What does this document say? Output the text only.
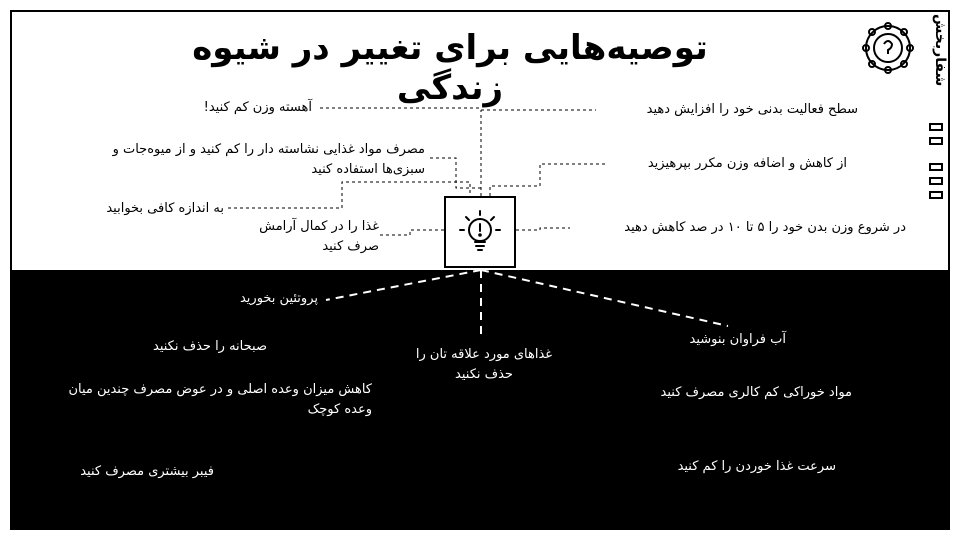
توصیه‌هایی برای تغییر در شیوه زندگی
شفاربخش
آهسته وزن کم کنید!
مصرف مواد غذایی نشاسته دار را کم کنید و از میوه‌جات و سبزی‌ها استفاده کنید
به اندازه کافی بخوابید
غذا را در کمال آرامش صرف کنید
سطح فعالیت بدنی خود را افزایش دهید
از کاهش و اضافه وزن مکرر بپرهیزید
در شروع وزن بدن خود را ۵ تا ۱۰ در صد کاهش دهید
پروتئین بخورید
صبحانه را حذف نکنید
کاهش میزان وعده اصلی و در عوض مصرف چندین میان وعده کوچک
فیبر بیشتری مصرف کنید
غذاهای مورد علاقه تان را حذف نکنید
آب فراوان بنوشید
مواد خوراکی کم کالری مصرف کنید
سرعت غذا خوردن را کم کنید
